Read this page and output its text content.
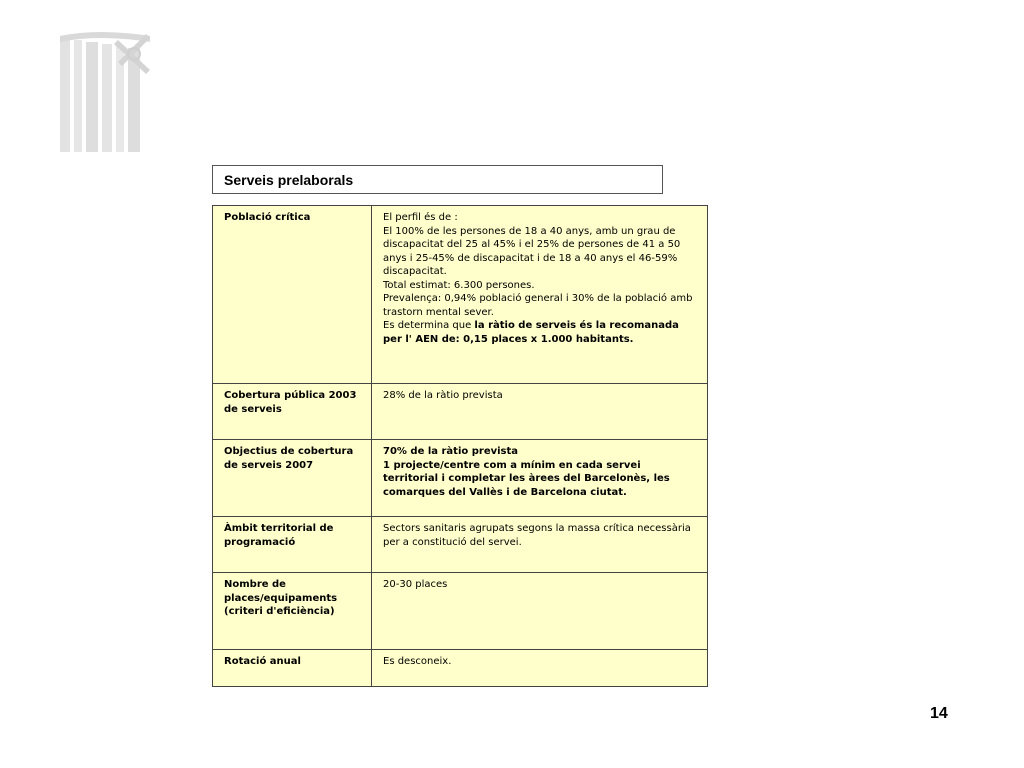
Serveis prelaborals
Població crítica	El perfil és de :
El 100% de les persones de 18 a 40 anys, amb un grau de discapacitat del 25 al 45% i el 25% de persones de 41 a 50 anys i 25-45% de discapacitat i de 18 a 40 anys el 46-59% discapacitat.
Total estimat: 6.300 persones.
Prevalença: 0,94% població general i 30% de la població amb trastorn mental sever.
Es determina que la ràtio de serveis és la recomanada per l' AEN de: 0,15 places x 1.000 habitants.

Cobertura pública 2003 de serveis	28% de la ràtio prevista
Objectius de cobertura de serveis 2007	70% de la ràtio prevista
1 projecte/centre com a mínim en cada servei territorial i completar les àrees del Barcelonès, les comarques del Vallès i de Barcelona ciutat.

Àmbit territorial de programació	Sectors sanitaris agrupats segons la massa crítica necessària per a constitució del servei.
Nombre de places/equipaments (criteri d'eficiència)	20-30 places
Rotació anual	Es desconeix.
14
